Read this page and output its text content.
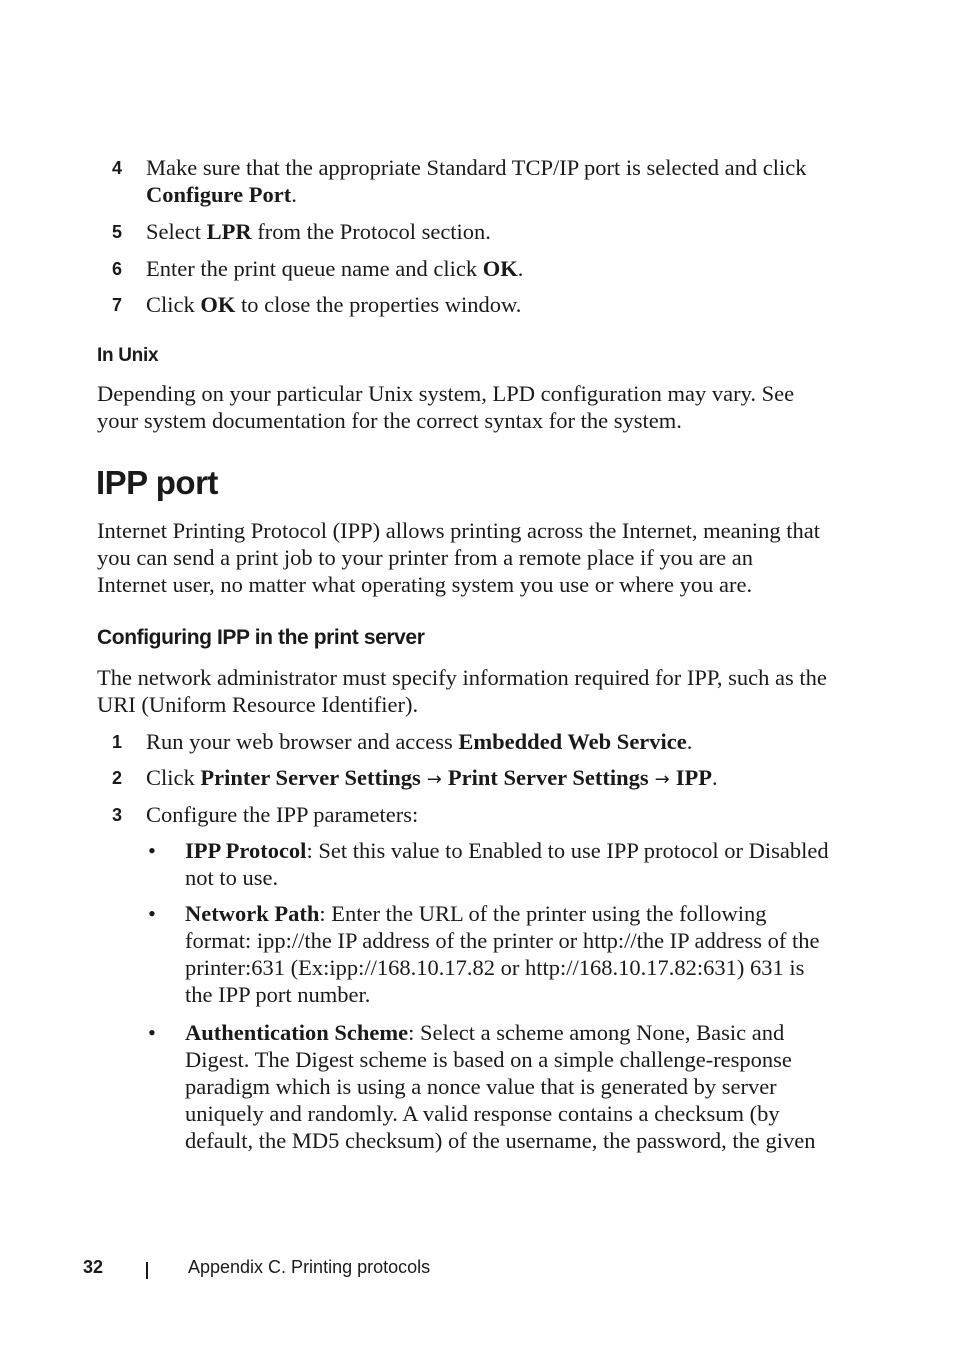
4	Make sure that the appropriate Standard TCP/IP port is selected and click Configure Port.
5	Select LPR from the Protocol section.
6	Enter the print queue name and click OK.
7	Click OK to close the properties window.
In Unix
Depending on your particular Unix system, LPD configuration may vary. See your system documentation for the correct syntax for the system.
IPP port
Internet Printing Protocol (IPP) allows printing across the Internet, meaning that you can send a print job to your printer from a remote place if you are an Internet user, no matter what operating system you use or where you are.
Configuring IPP in the print server
The network administrator must specify information required for IPP, such as the URI (Uniform Resource Identifier).
1	Run your web browser and access Embedded Web Service.
2	Click Printer Server Settings → Print Server Settings → IPP.
3	Configure the IPP parameters:
• IPP Protocol: Set this value to Enabled to use IPP protocol or Disabled not to use.
• Network Path: Enter the URL of the printer using the following format: ipp://the IP address of the printer or http://the IP address of the printer:631 (Ex:ipp://168.10.17.82 or http://168.10.17.82:631) 631 is the IPP port number.
• Authentication Scheme: Select a scheme among None, Basic and Digest. The Digest scheme is based on a simple challenge-response paradigm which is using a nonce value that is generated by server uniquely and randomly. A valid response contains a checksum (by default, the MD5 checksum) of the username, the password, the given
32	Appendix C. Printing protocols
